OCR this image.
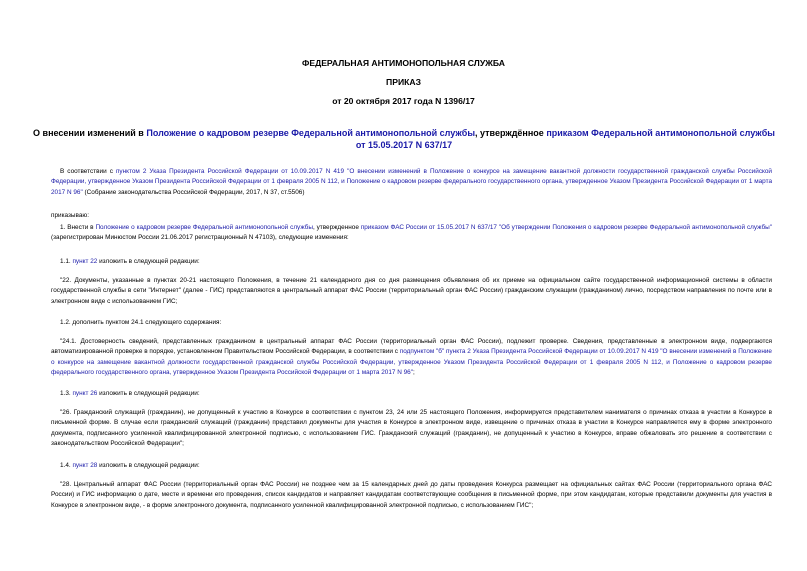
ФЕДЕРАЛЬНАЯ АНТИМОНОПОЛЬНАЯ СЛУЖБА
ПРИКАЗ
от 20 октября 2017 года N 1396/17
О внесении изменений в Положение о кадровом резерве Федеральной антимонопольной службы, утверждённое приказом Федеральной антимонопольной службы от 15.05.2017 N 637/17

В соответствии с пунктом 2 Указа Президента Российской Федерации от 10.09.2017 N 419 "О внесении изменений в Положение о конкурсе на замещение вакантной должности государственной гражданской службы Российской Федерации, утвержденное Указом Президента Российской Федерации от 1 февраля 2005 N 112, и Положение о кадровом резерве федерального государственного органа, утвержденное Указом Президента Российской Федерации от 1 марта 2017 N 96" (Собрание законодательства Российской Федерации, 2017, N 37, ст.5506)

приказываю:

1. Внести в Положение о кадровом резерве Федеральной антимонопольной службы, утвержденное приказом ФАС России от 15.05.2017 N 637/17 "Об утверждении Положения о кадровом резерве Федеральной антимонопольной службы" (зарегистрирован Минюстом России 21.06.2017 регистрационный N 47103), следующие изменения:

1.1. пункт 22 изложить в следующей редакции:

"22. Документы, указанные в пунктах 20-21 настоящего Положения, в течение 21 календарного дня со дня размещения объявления об их приеме на официальном сайте государственной информационной системы в области государственной службы в сети "Интернет" (далее - ГИС) представляются в центральный аппарат ФАС России (территориальный орган ФАС России) гражданским служащим (гражданином) лично, посредством направления по почте или в электронном виде с использованием ГИС;

1.2. дополнить пунктом 24.1 следующего содержания:

"24.1. Достоверность сведений, представленных гражданином в центральный аппарат ФАС России (территориальный орган ФАС России), подлежит проверке. Сведения, представленные в электронном виде, подвергаются автоматизированной проверке в порядке, установленном Правительством Российской Федерации, в соответствии с подпунктом "б" пункта 2 Указа Президента Российской Федерации от 10.09.2017 N 419 "О внесении изменений в Положение о конкурсе на замещение вакантной должности государственной гражданской службы Российской Федерации, утвержденное Указом Президента Российской Федерации от 1 февраля 2005 N 112, и Положение о кадровом резерве федерального государственного органа, утвержденное Указом Президента Российской Федерации от 1 марта 2017 N 96";

1.3. пункт 26 изложить в следующей редакции:

"26. Гражданский служащий (гражданин), не допущенный к участию в Конкурсе в соответствии с пунктом 23, 24 или 25 настоящего Положения, информируется представителем нанимателя о причинах отказа в участии в Конкурсе в письменной форме. В случае если гражданский служащий (гражданин) представил документы для участия в Конкурсе в электронном виде, извещение о причинах отказа в участии в Конкурсе направляется ему в форме электронного документа, подписанного усиленной квалифицированной электронной подписью, с использованием ГИС. Гражданский служащий (гражданин), не допущенный к участию в Конкурсе, вправе обжаловать это решение в соответствии с законодательством Российской Федерации";

1.4. пункт 28 изложить в следующей редакции:

"28. Центральный аппарат ФАС России (территориальный орган ФАС России) не позднее чем за 15 календарных дней до даты проведения Конкурса размещает на официальных сайтах ФАС России (территориального органа ФАС России) и ГИС информацию о дате, месте и времени его проведения, список кандидатов и направляет кандидатам соответствующие сообщения в письменной форме, при этом кандидатам, которые представили документы для участия в Конкурсе в электронном виде, - в форме электронного документа, подписанного усиленной квалифицированной электронной подписью, с использованием ГИС";
